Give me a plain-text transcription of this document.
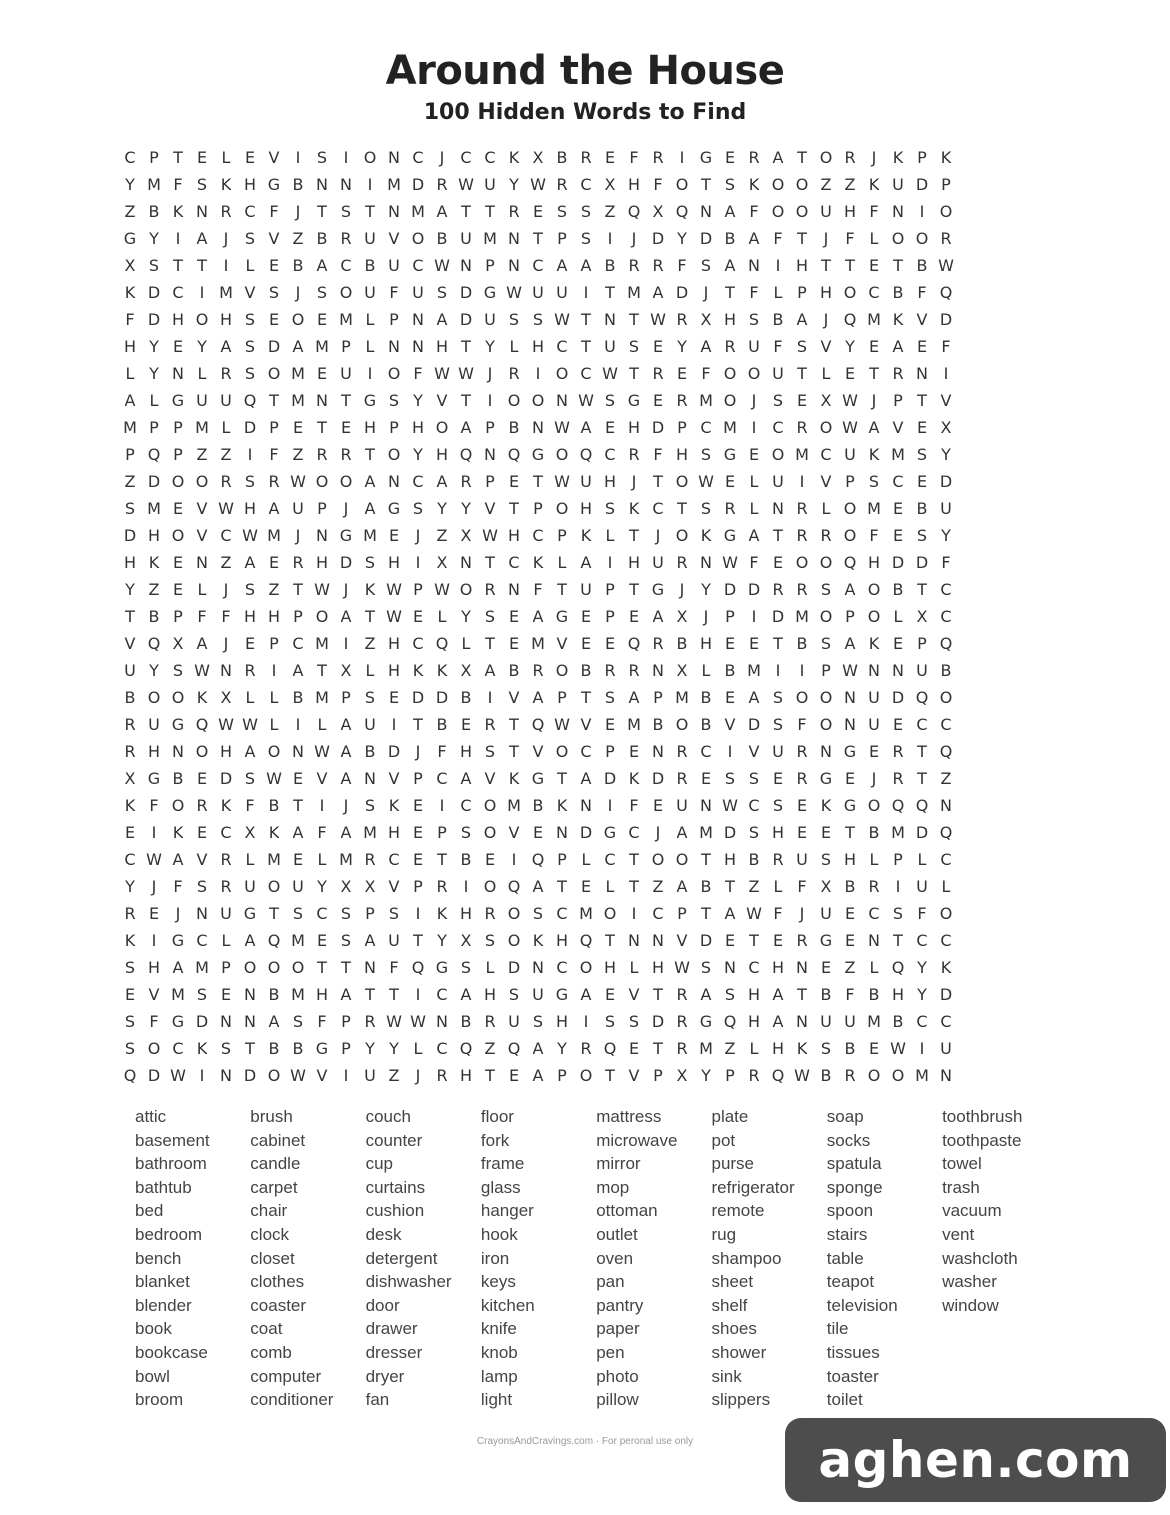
Around the House
100 Hidden Words to Find
C P T E L E V	I	S	I O N C	J	C C K X B R E F R	I G E R A T O R	J	K P K
Y M F S K H G B N N I M D R W U Y W R C X H F O T S K O O Z Z K U D P
Z B K N R C F	J	T S T N M A T T R E S S Z Q X Q N A F O O U H F N I O
G Y	I	A	J	S V Z B R U V O B U M N T P S	I	J D Y D B A F T	J	F L O O R
X S T T	I	L E B A C B U C W N P N C A A B R R F S A N I H T T E T B W
K D C	I M V S	J	S O U F U S D G W U U I	T M A D J	T F L P H O C B F Q
F D H O H S E O E M L P N A D U S S W T N T W R X H S B A	J Q M K V D
H Y E Y A S D A M P L N N H T Y L H C T U S E Y A R U F S V Y E A E F
L Y N L R S O M E U I O F W W J	R	I O C W T R E F O O U T L E T R N I
A L G U U Q T M N T G S Y V T	I O O N W S G E R M O J	S E X W J	P T V
M P P M L D P E T E H P H O A P B N W A E H D P C M I	C R O W A V E X
P Q P Z Z	I	F Z R R T O Y H Q N Q G O Q C R F H S G E O M C U K M S Y
Z D O O R S R W O O A N C A R P E T W U H J	T O W E L U I	V P S C E D
S M E V W H A U P	J	A G S Y Y V T P O H S K C T S R L N R L O M E B U
D H O V C W M J N G M E	J	Z X W H C P K L T	J O K G A T R R O F E S Y
H K E N Z A E R H D S H I	X N T C K L A	I H U R N W F E O O Q H D D F
Y Z E L	J	S Z T W J	K W P W O R N F T U P T G J	Y D D R R S A O B T C
T B P F F H H P O A T W E L Y S E A G E P E A X	J	P	I D M O P O L X C
V Q X A	J	E P C M I	Z H C Q L T E M V E E Q R B H E E T B S A K E P Q
U Y S W N R	I	A T X L H K K X A B R O B R R N X L B M I	I	P W N N U B
B O O K X L L B M P S E D D B	I	V A P T S A P M B E A S O O N U D Q O
R U G Q W W L	I	L A U I	T B E R T Q W V E M B O B V D S F O N U E C C
R H N O H A O N W A B D J	F H S T V O C P E N R C	I	V U R N G E R T Q
X G B E D S W E V A N V P C A V K G T A D K D R E S S E R G E	J	R T Z
K F O R K F B T	I	J	S K E	I	C O M B K N I	F E U N W C S E K G O Q Q N
E	I	K E C X K A F A M H E P S O V E N D G C	J	A M D S H E E T B M D Q
C W A V R L M E L M R C E T B E	I Q P L C T O O T H B R U S H L P L C
Y	J	F S R U O U Y X X V P R	I O Q A T E L T Z A B T Z L F X B R	I U L
R E	J N U G T S C S P S	I	K H R O S C M O I	C P T A W F	J U E C S F O
K	I G C L A Q M E S A U T Y X S O K H Q T N N V D E T E R G E N T C C
S H A M P O O O T T N F Q G S L D N C O H L H W S N C H N E Z L Q Y K
E V M S E N B M H A T T	I	C A H S U G A E V T R A S H A T B F B H Y D
S F G D N N A S F P R W W N B R U S H I	S S D R G Q H A N U U M B C C
S O C K S T B B G P Y Y L C Q Z Q A Y R Q E T R M Z L H K S B E W I U
Q D W I N D O W V	I U Z	J	R H T E A P O T V P X Y P R Q W B R O O M N
attic
basement
bathroom
bathtub
bed
bedroom
bench
blanket
blender
book
bookcase
bowl
broom
brush
cabinet
candle
carpet
chair
clock
closet
clothes
coaster
coat
comb
computer
conditioner
couch
counter
cup
curtains
cushion
desk
detergent
dishwasher
door
drawer
dresser
dryer
fan
floor
fork
frame
glass
hanger
hook
iron
keys
kitchen
knife
knob
lamp
light
mattress
microwave
mirror
mop
ottoman
outlet
oven
pan
pantry
paper
pen
photo
pillow
plate
pot
purse
refrigerator
remote
rug
shampoo
sheet
shelf
shoes
shower
sink
slippers
soap
socks
spatula
sponge
spoon
stairs
table
teapot
television
tile
tissues
toaster
toilet
toothbrush
toothpaste
towel
trash
vacuum
vent
washcloth
washer
window
CrayonsAndCravings.com · For peronal use only	aghen.com
